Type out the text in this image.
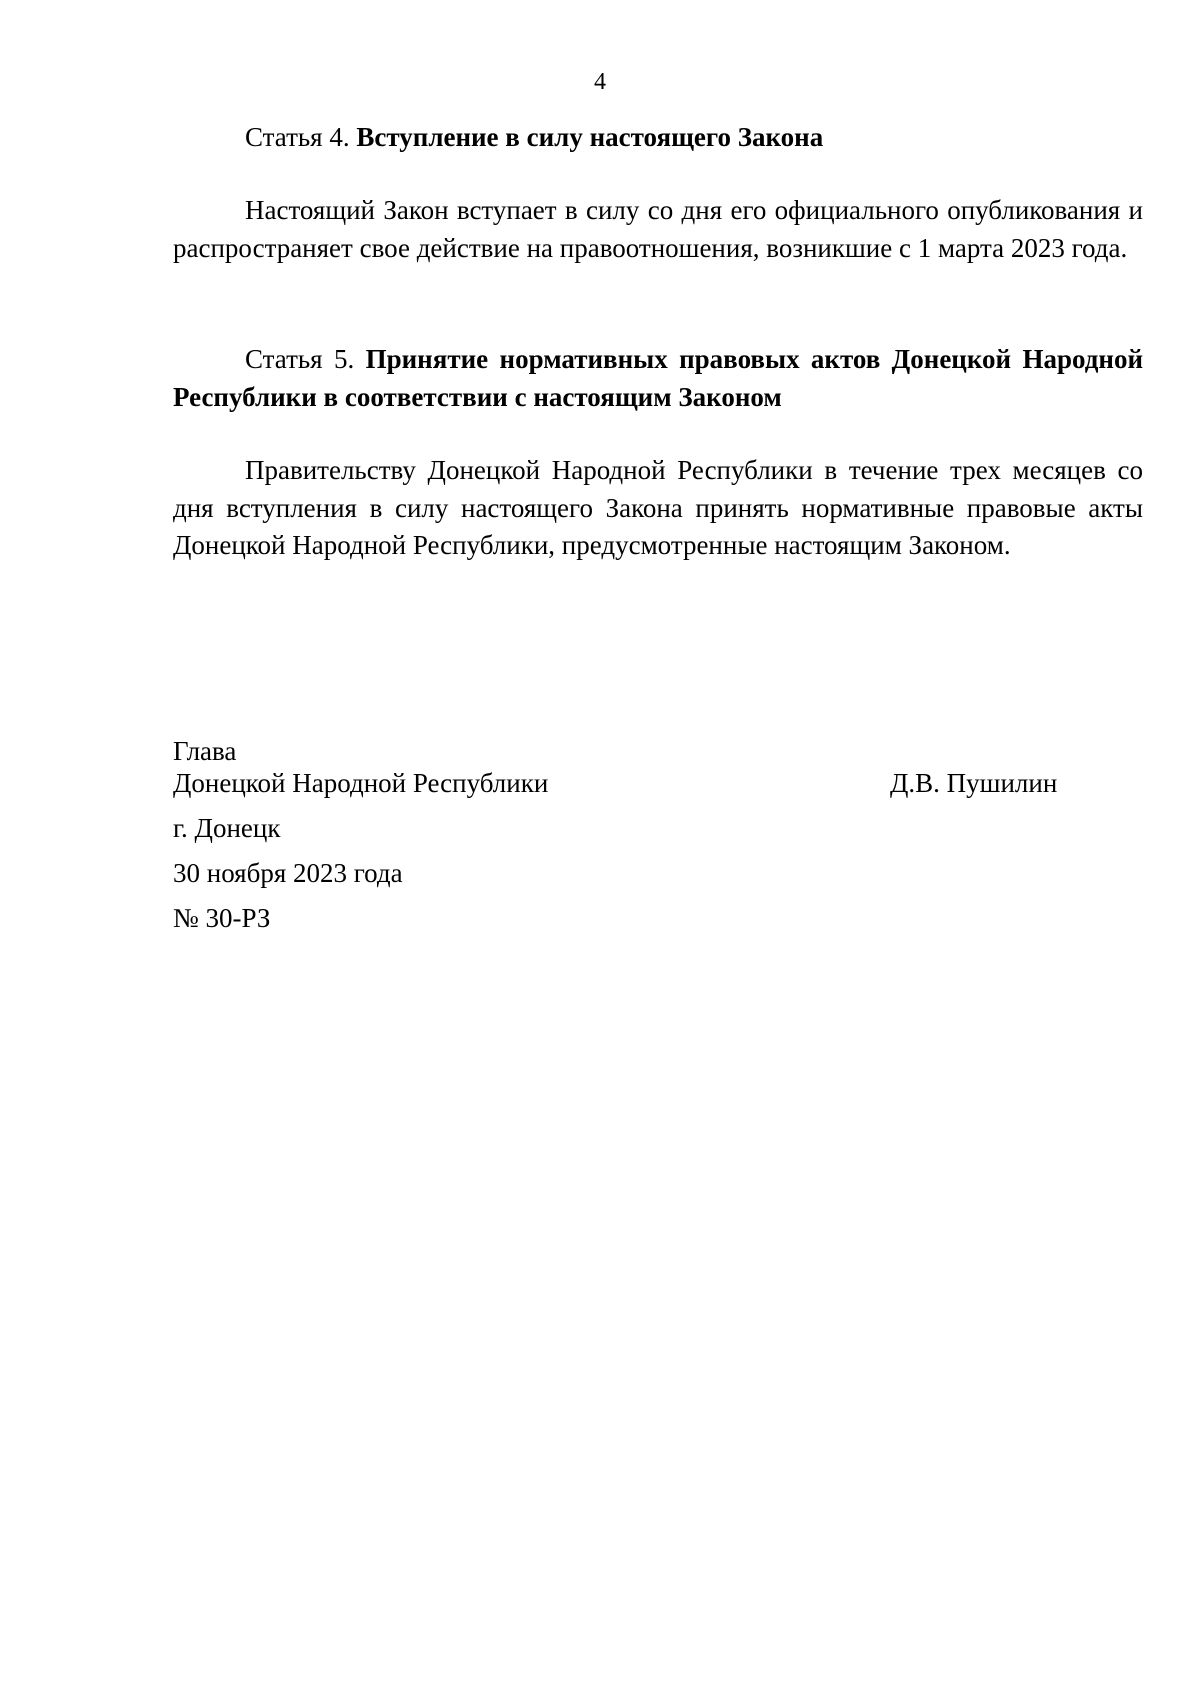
4
Статья 4. Вступление в силу настоящего Закона
Настоящий Закон вступает в силу со дня его официального опубликования и распространяет свое действие на правоотношения, возникшие с 1 марта 2023 года.
Статья 5. Принятие нормативных правовых актов Донецкой Народной Республики в соответствии с настоящим Законом
Правительству Донецкой Народной Республики в течение трех месяцев со дня вступления в силу настоящего Закона принять нормативные правовые акты Донецкой Народной Республики, предусмотренные настоящим Законом.
Глава
Донецкой Народной Республики	Д.В. Пушилин
г. Донецк
30 ноября 2023 года
№ 30-РЗ
